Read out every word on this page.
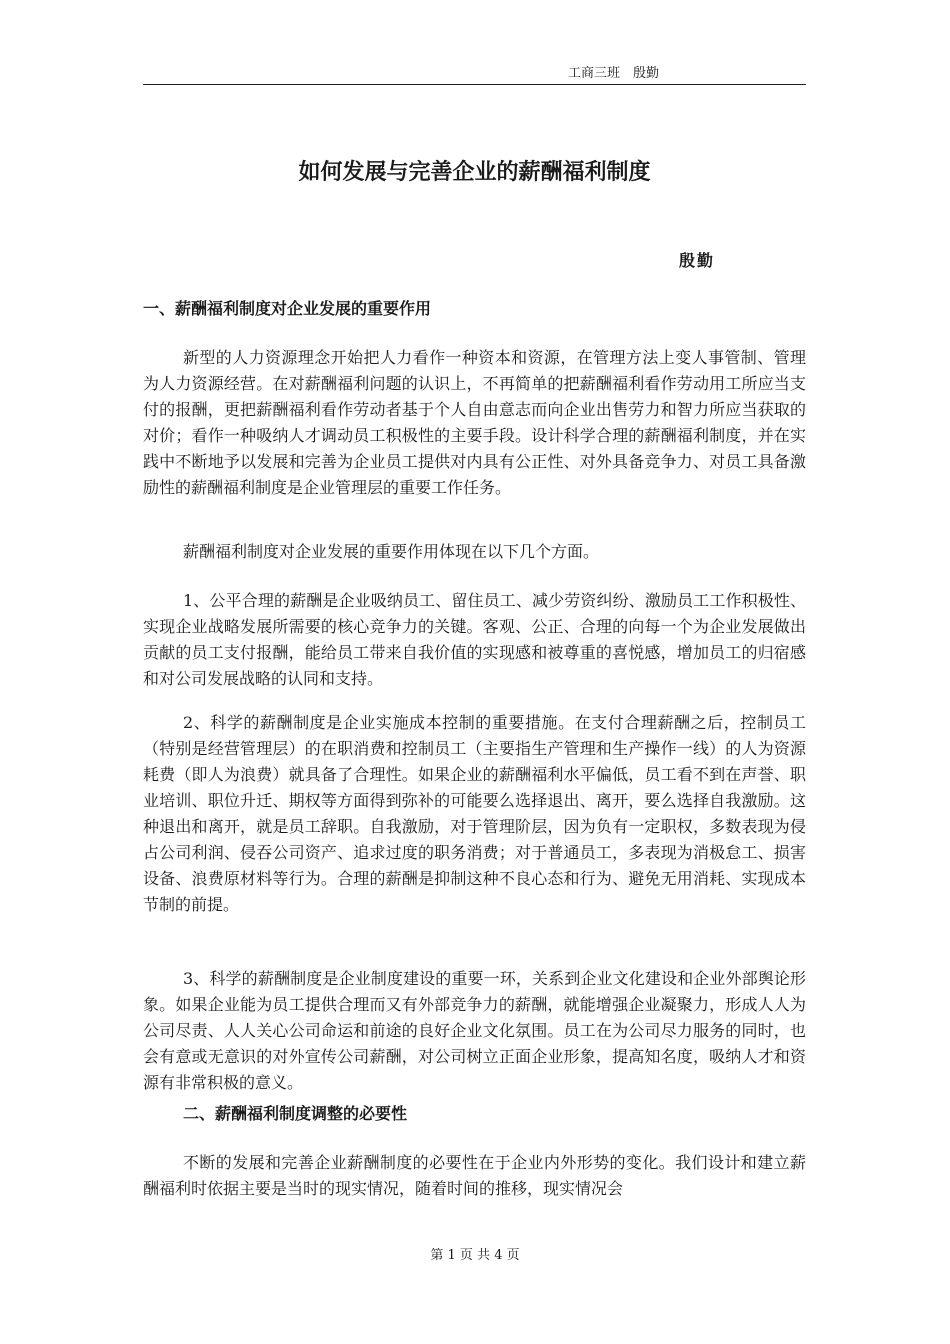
工商三班　殷勤
如何发展与完善企业的薪酬福利制度
殷勤
一、薪酬福利制度对企业发展的重要作用

新型的人力资源理念开始把人力看作一种资本和资源，在管理方法上变人事管制、管理为人力资源经营。在对薪酬福利问题的认识上，不再简单的把薪酬福利看作劳动用工所应当支付的报酬，更把薪酬福利看作劳动者基于个人自由意志而向企业出售劳力和智力所应当获取的对价；看作一种吸纳人才调动员工积极性的主要手段。设计科学合理的薪酬福利制度，并在实践中不断地予以发展和完善为企业员工提供对内具有公正性、对外具备竞争力、对员工具备激励性的薪酬福利制度是企业管理层的重要工作任务。

薪酬福利制度对企业发展的重要作用体现在以下几个方面。

1、公平合理的薪酬是企业吸纳员工、留住员工、减少劳资纠纷、激励员工工作积极性、实现企业战略发展所需要的核心竞争力的关键。客观、公正、合理的向每一个为企业发展做出贡献的员工支付报酬，能给员工带来自我价值的实现感和被尊重的喜悦感，增加员工的归宿感和对公司发展战略的认同和支持。

2、科学的薪酬制度是企业实施成本控制的重要措施。在支付合理薪酬之后，控制员工（特别是经营管理层）的在职消费和控制员工（主要指生产管理和生产操作一线）的人为资源耗费（即人为浪费）就具备了合理性。如果企业的薪酬福利水平偏低，员工看不到在声誉、职业培训、职位升迁、期权等方面得到弥补的可能要么选择退出、离开，要么选择自我激励。这种退出和离开，就是员工辞职。自我激励，对于管理阶层，因为负有一定职权，多数表现为侵占公司利润、侵吞公司资产、追求过度的职务消费；对于普通员工，多表现为消极怠工、损害设备、浪费原材料等行为。合理的薪酬是抑制这种不良心态和行为、避免无用消耗、实现成本节制的前提。

3、科学的薪酬制度是企业制度建设的重要一环，关系到企业文化建设和企业外部舆论形象。如果企业能为员工提供合理而又有外部竞争力的薪酬，就能增强企业凝聚力，形成人人为公司尽责、人人关心公司命运和前途的良好企业文化氛围。员工在为公司尽力服务的同时，也会有意或无意识的对外宣传公司薪酬，对公司树立正面企业形象，提高知名度，吸纳人才和资源有非常积极的意义。

二、薪酬福利制度调整的必要性

不断的发展和完善企业薪酬制度的必要性在于企业内外形势的变化。我们设计和建立薪酬福利时依据主要是当时的现实情况，随着时间的推移，现实情况会

第 1 页 共 4 页
